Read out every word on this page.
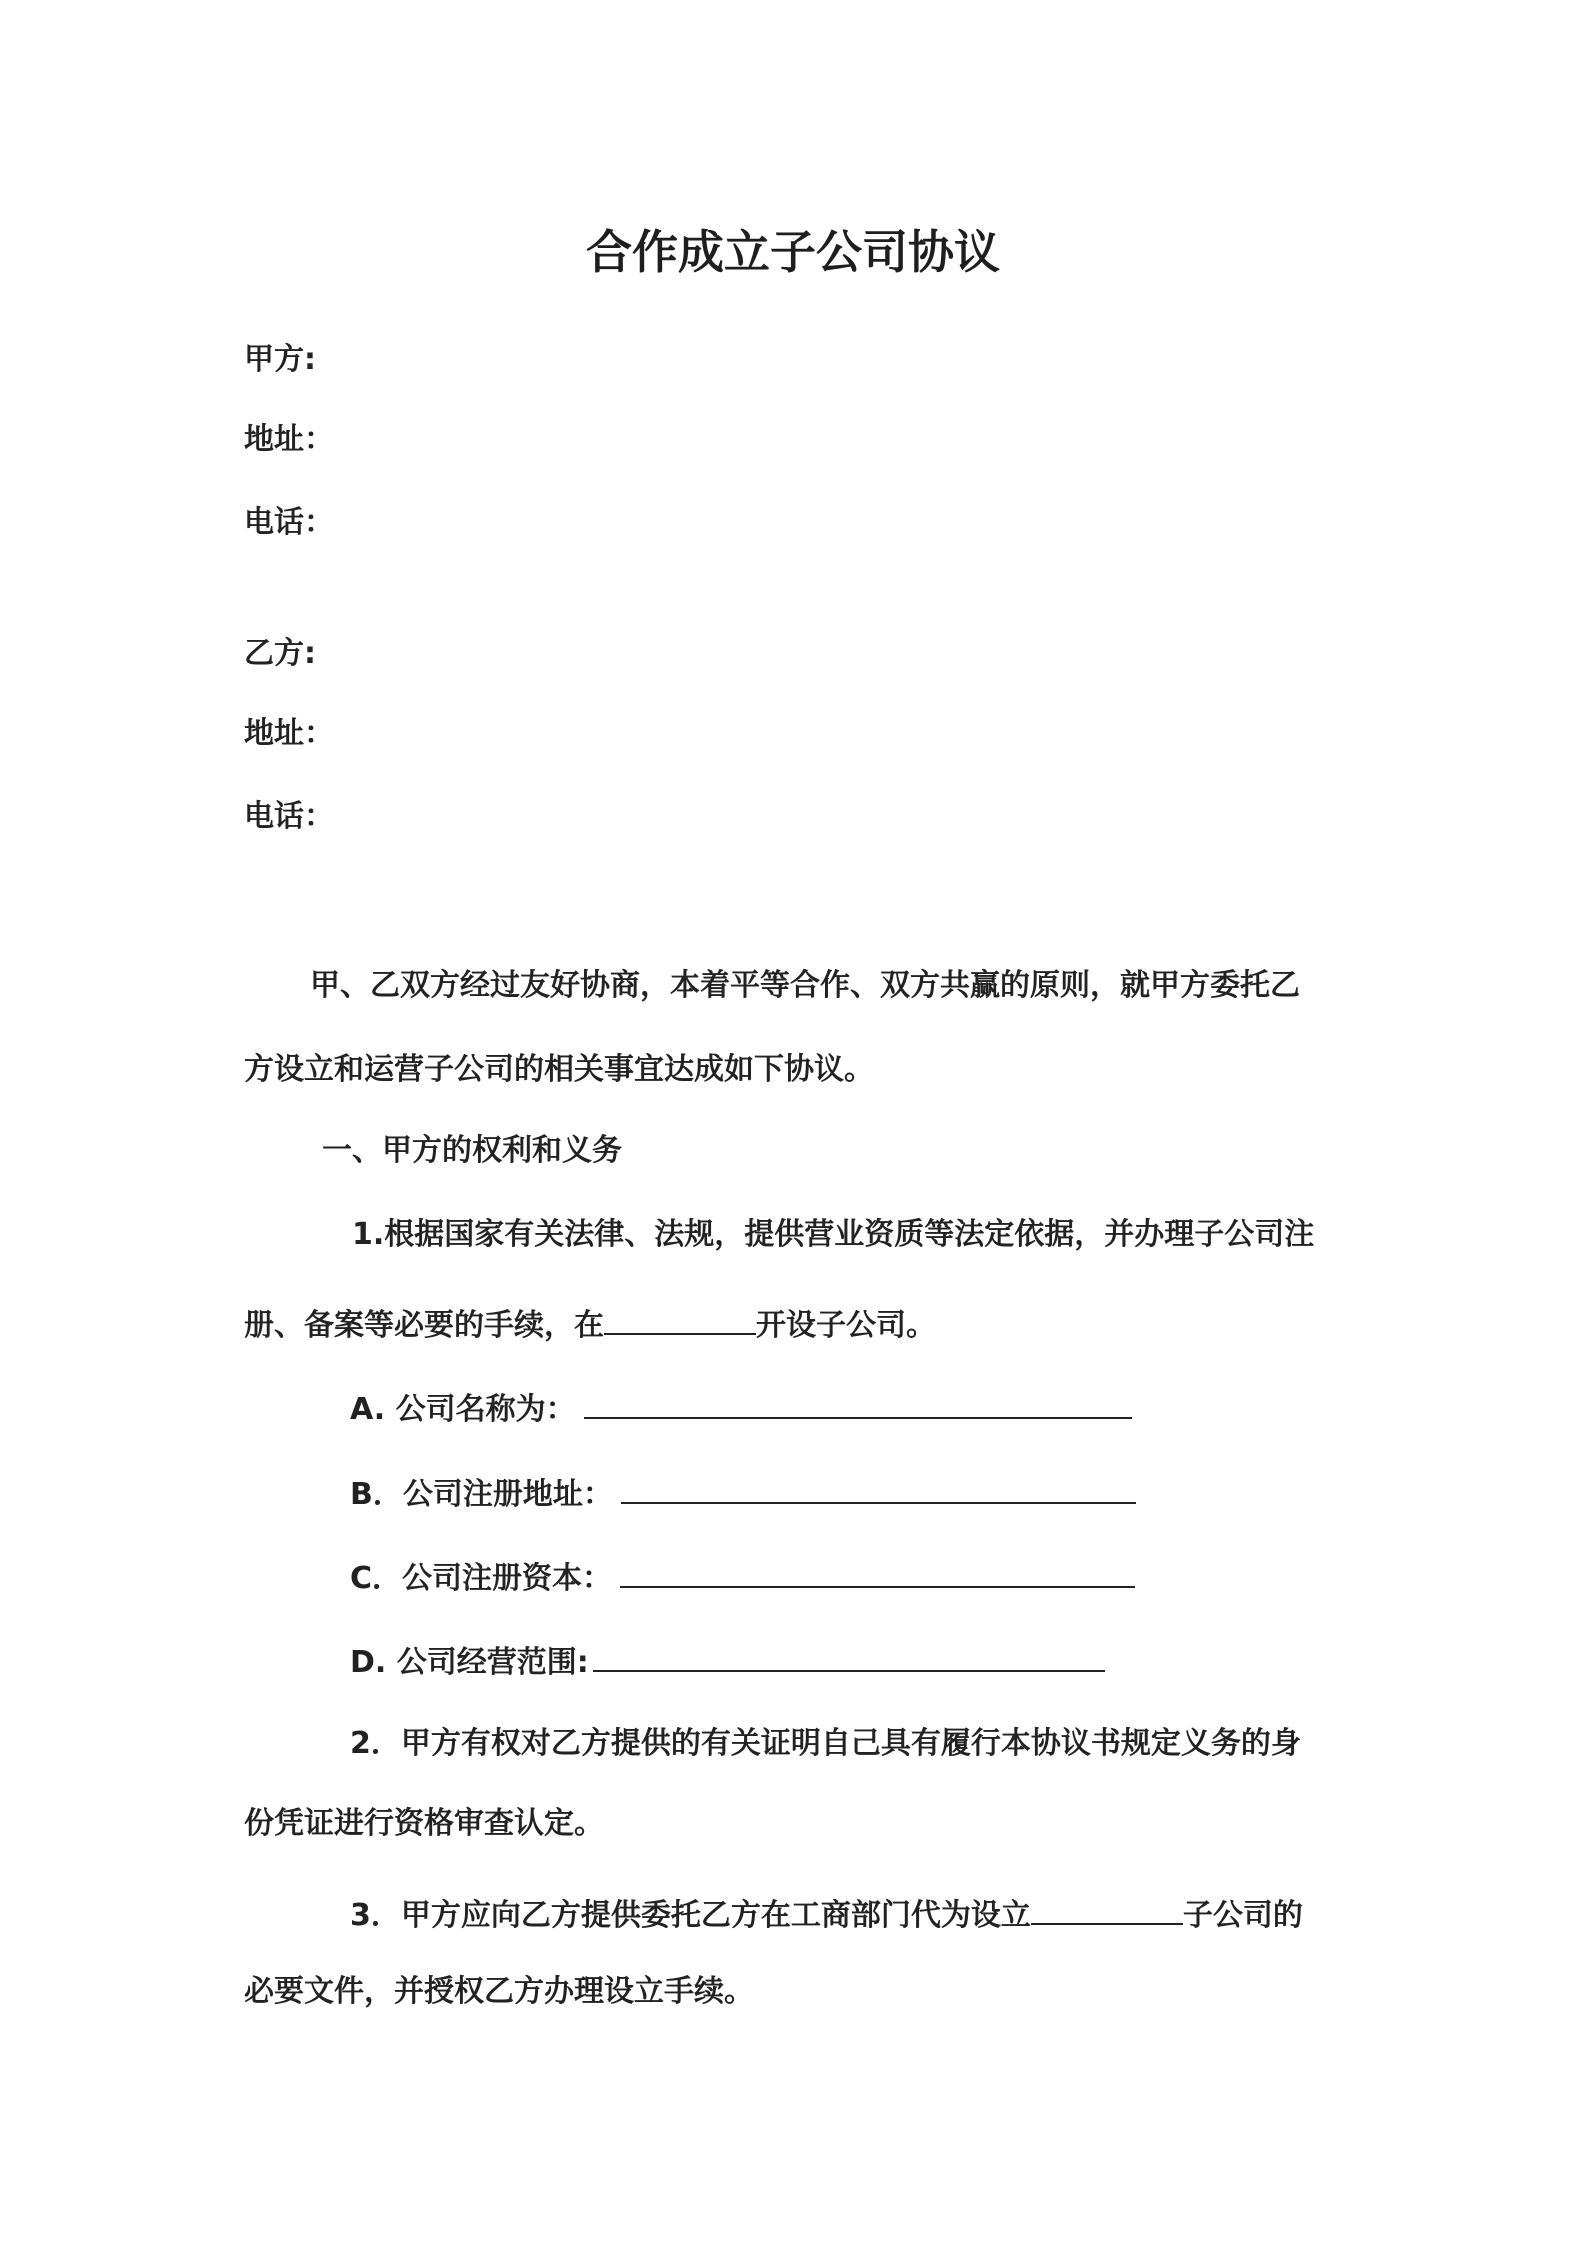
合作成立子公司协议
甲方:
地址：
电话：
乙方:
地址：
电话：
甲、乙双方经过友好协商，本着平等合作、双方共赢的原则，就甲方委托乙
方设立和运营子公司的相关事宜达成如下协议。
一、甲方的权利和义务
1.根据国家有关法律、法规，提供营业资质等法定依据，并办理子公司注
册、备案等必要的手续，在	开设子公司。
A. 公司名称为：
B．公司注册地址：
C．公司注册资本：
D. 公司经营范围:
2．甲方有权对乙方提供的有关证明自己具有履行本协议书规定义务的身
份凭证进行资格审查认定。
3．甲方应向乙方提供委托乙方在工商部门代为设立	子公司的
必要文件，并授权乙方办理设立手续。
